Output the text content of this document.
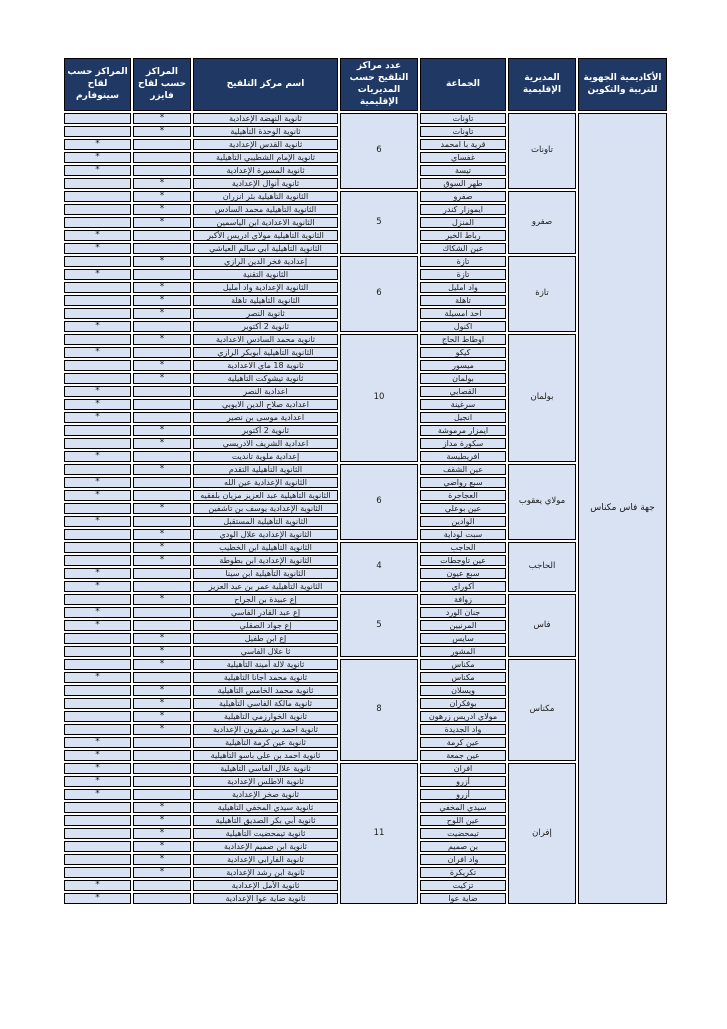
الأكاديمية الجهوية للتربية والتكوين	المديرية الإقليمية	الجماعة	عدد مراكز التلقيح حسب المديريات الإقليمية	اسم مركز التلقيح	المراكز حسب لقاح فايزر	المراكز حسب لقاح سينوفارم
جهة فاس مكناس	تاونات	تاونات	6	ثانوية النهضة الإعدادية	*	
		تاونات		ثانوية الوحدة التأهيلية	*	
		قرية با امحمد		ثانوية القدس الإعدادية		*
		غفساي		ثانوية الإمام الشطيبي التأهيلية		*
		تيسة		ثانوية المسيرة الإعدادية		*
		طهر السوق		ثانوية أنوال الإعدادية	*	
	صفرو	صفرو	5	الثانوية التأهيلية بئر انزران	*	
		ايموزار كندر		الثانوية التأهيلية محمد السادس	*	
		المنزل		الثانوية الاعدادية ابن الياسمين	*	
		رباط الخير		الثانوية التأهيلية مولاي ادريس الأكبر		*
		عين الشكاك		الثانوية التأهيلية أبي سالم العياشي		*
	تازة	تازة	6	إعدادية فخر الدين الرازي	*	
		تازة		الثانوية التقنية		*
		واد امليل		الثانوية الإعدادية واد أمليل	*	
		تاهلة		الثانوية التأهيلية تاهلة	*	
		احد امسيلة		ثانوية النصر	*	
		اكنول		ثانوية 2 أكتوبر		*
	بولمان	اوطاط الحاج	10	ثانوية محمد السادس الاعدادية	*	
		كيكو		الثانوية التأهيلية أبوبكر الرازي		*
		ميسور		ثانوية 18 ماي الاعدادية	*	
		بولمان		ثانوية تيشوكت التأهيلية	*	
		القصابي		اعدادية النصر		*
		سرغينة		اعدادية صلاح الدين الايوبي		*
		انجيل		اعدادية موسى بن نصير		*
		ايمزار مرموشة		ثانوية 2 أكتوبر	*	
		سكورة مداز		اعدادية الشريف الادريسي	*	
		افريطيسة		إعدادية ملوية تانديت		*
	مولاي يعقوب	عين الشقف	6	الثانوية التأهيلية التقدم	*	
		سبع رواضي		الثانوية الإعدادية عين الله		*
		العجاجرة		الثانوية التأهيلية عبد العزيز مزيان بلفقيه		*
		عين بوعلي		الثانوية الإعدادية يوسف بن تاشفين	*	
		الوادين		الثانوية التأهيلية المستقبل		*
		سبت لوداية		الثانوية الإعدادية علال الودي	*	
	الحاجب	الحاجب	4	الثانوية التأهيلية ابن الخطيب	*	
		عين تاوجطات		الثانوية الإعدادية ابن بطوطة	*	
		سبع عيون		الثانوية التأهيلية ابن سينا		*
		أكوراي		الثانوية التأهيلية عمر بن عبد العزيز		*
	فاس	زوافة	5	إع عبيدة بن الجراح	*	
		جنان الورد		إع عبد القادر الفاسي		*
		المرنيين		إع جواد الصقلي		*
		سايس		إع ابن طفيل	*	
		المشور		ثا علال الفاسي	*	
	مكناس	مكناس	8	ثانوية لالة أمينة التأهيلية	*	
		مكناس		ثانوية محمد أجانا التأهيلية		*
		ويسلان		ثانوية محمد الخامس التأهيلية	*	
		بوفكران		ثانوية مالكة الفاسي التأهيلية	*	
		مولاي ادريس زرهون		ثانوية الخوارزمي التأهيلية	*	
		واد الجديدة		ثانوية احمد بن شقرون الإعدادية	*	
		عين كرمة		ثانوية عين كرمة التأهيلية		*
		عين جمعة		ثانوية احمد بن علي باسو التأهيلية		*
	إفران	افران	11	ثانوية علال الفاسي التأهيلية		*
		أزرو		ثانوية الاطلس الإعدادية		*
		أزرو		ثانوية صخر الإعدادية		*
		سيدي المخفي		ثانوية سيدي المخفي التأهيلية	*	
		عين اللوح		ثانوية أبي بكر الصديق التأهيلية	*	
		تيمحضيت		ثانوية تيمحضيت التأهيلية	*	
		بن صميم		ثانوية ابن صميم الإعدادية	*	
		واد افران		ثانوية الفارابي الإعدادية	*	
		تكريكرة		ثانوية ابن رشد الإعدادية	*	
		تزكيت		ثانوية الأمل الإعدادية		*
		ضاية عوا		ثانوية ضاية عوا الإعدادية		*
